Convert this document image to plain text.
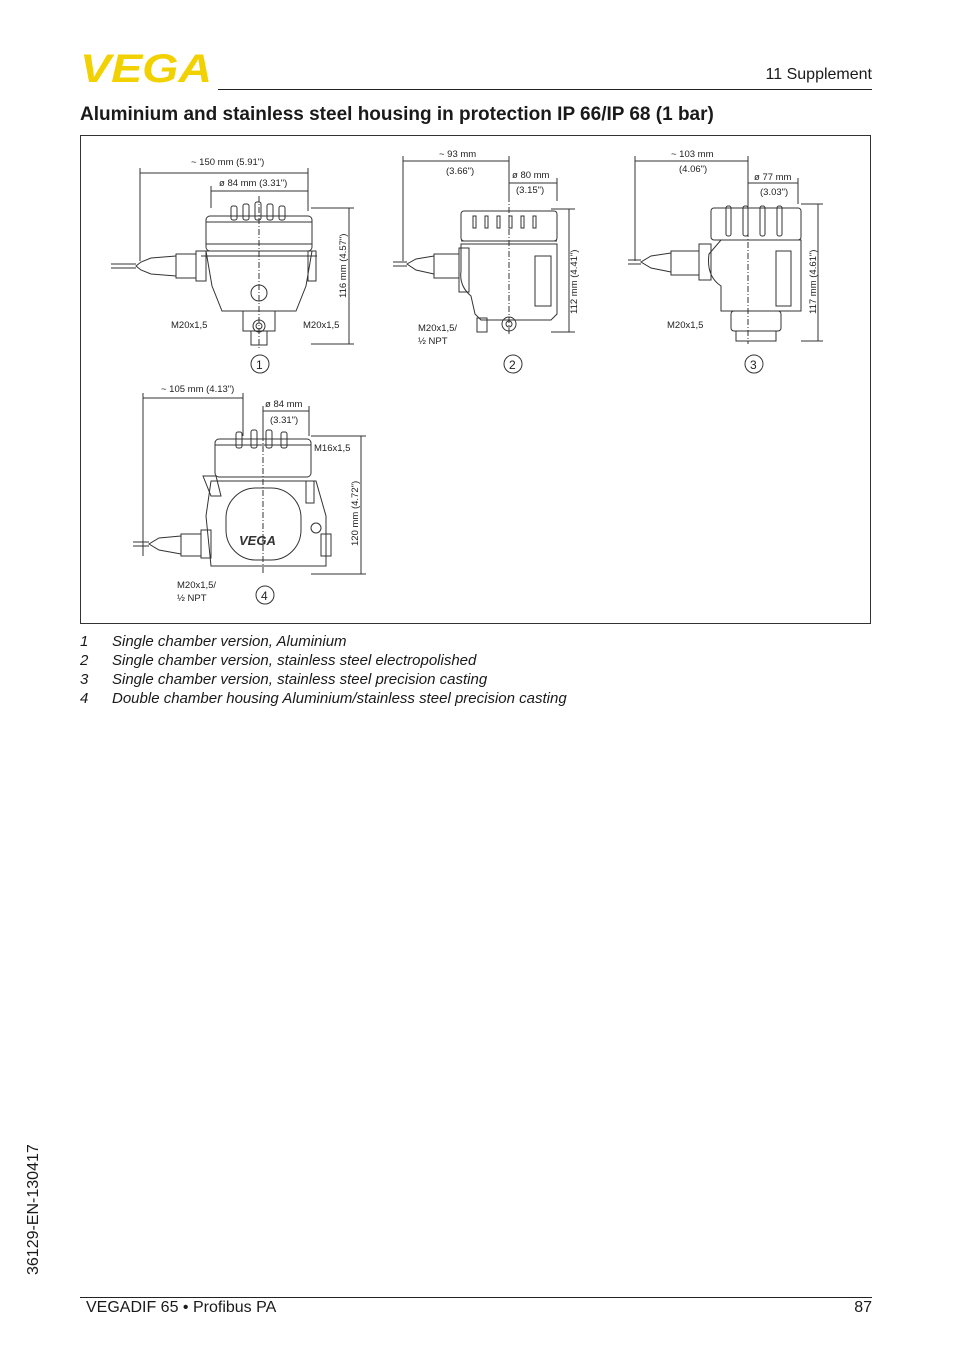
VEGA	11 Supplement
Aluminium and stainless steel housing in protection IP 66/IP 68 (1 bar)
~ 150 mm (5.91")
ø 84 mm (3.31")
M20x1,5	M20x1,5
116 mm (4.57")
1
~ 93 mm
(3.66")	ø 80 mm
(3.15")
M20x1,5/
½ NPT
112 mm (4.41")
2
~ 103 mm
(4.06")
ø 77 mm
(3.03")
M20x1,5
117 mm (4.61")
3
~ 105 mm (4.13")
ø 84 mm
(3.31")
M16x1,5
120 mm (4.72")
M20x1,5/
½ NPT
VEGA
4
1 Single chamber version, Aluminium
2 Single chamber version, stainless steel electropolished
3 Single chamber version, stainless steel precision casting
4 Double chamber housing Aluminium/stainless steel precision casting
36129-EN-130417
VEGADIF 65 • Profibus PA	87
